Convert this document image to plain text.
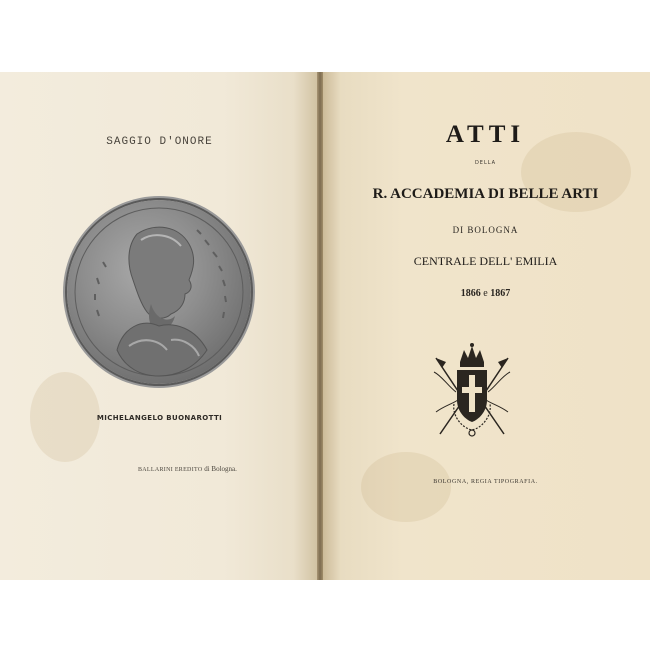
SAGGIO D'ONORE
MICHELANGELO BUONAROTTI
BALLARINI EREDITO di Bologna.
ATTI
DELLA
R. ACCADEMIA DI BELLE ARTI
DI BOLOGNA
CENTRALE DELL' EMILIA
1866 e 1867
BOLOGNA, REGIA TIPOGRAFIA.
